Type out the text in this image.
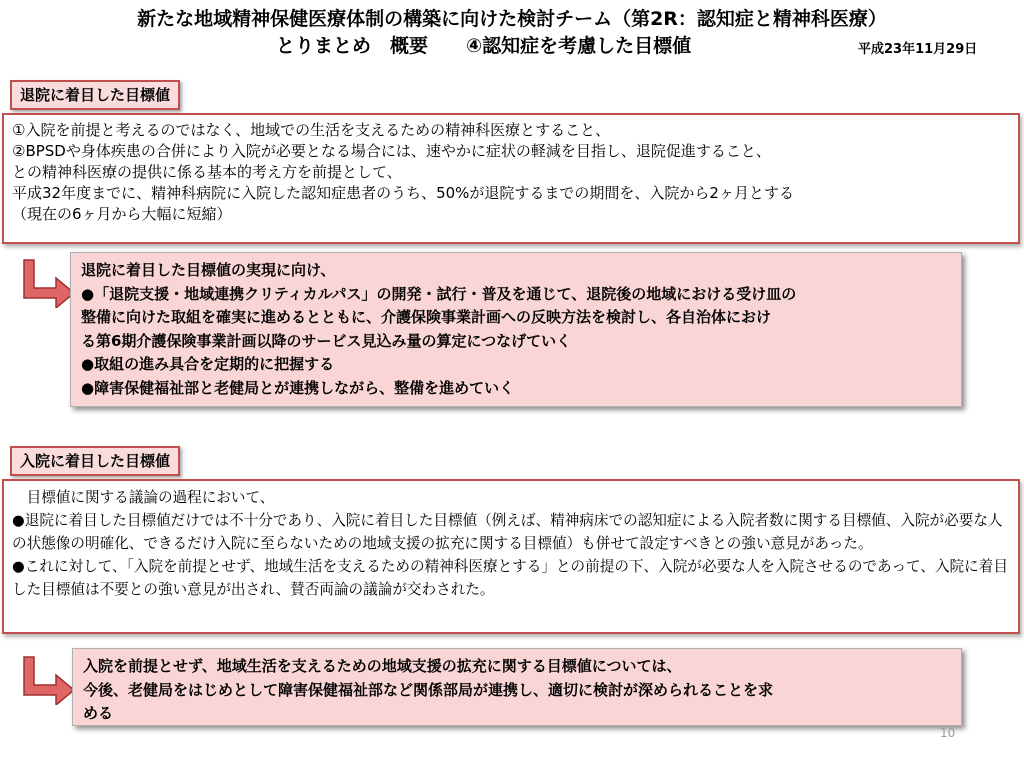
新たな地域精神保健医療体制の構築に向けた検討チーム（第2R：認知症と精神科医療）
とりまとめ　概要　　④認知症を考慮した目標値	平成23年11月29日
退院に着目した目標値

①入院を前提と考えるのではなく、地域での生活を支えるための精神科医療とすること、

②BPSDや身体疾患の合併により入院が必要となる場合には、速やかに症状の軽減を目指し、退院促進すること、

との精神科医療の提供に係る基本的考え方を前提として、

平成32年度までに、精神科病院に入院した認知症患者のうち、50%が退院するまでの期間を、入院から2ヶ月とする

（現在の6ヶ月から大幅に短縮）

退院に着目した目標値の実現に向け、

●「退院支援・地域連携クリティカルパス」の開発・試行・普及を通じて、退院後の地域における受け皿の

整備に向けた取組を確実に進めるとともに、介護保険事業計画への反映方法を検討し、各自治体におけ

る第6期介護保険事業計画以降のサービス見込み量の算定につなげていく

●取組の進み具合を定期的に把握する

●障害保健福祉部と老健局とが連携しながら、整備を進めていく

入院に着目した目標値

　目標値に関する議論の過程において、

●退院に着目した目標値だけでは不十分であり、入院に着目した目標値（例えば、精神病床での認知症による入院者数に関する目標値、入院が必要な人の状態像の明確化、できるだけ入院に至らないための地域支援の拡充に関する目標値）も併せて設定すべきとの強い意見があった。

●これに対して、「入院を前提とせず、地域生活を支えるための精神科医療とする」との前提の下、入院が必要な人を入院させるのであって、入院に着目した目標値は不要との強い意見が出され、賛否両論の議論が交わされた。

入院を前提とせず、地域生活を支えるための地域支援の拡充に関する目標値については、

今後、老健局をはじめとして障害保健福祉部など関係部局が連携し、適切に検討が深められることを求

める

10
